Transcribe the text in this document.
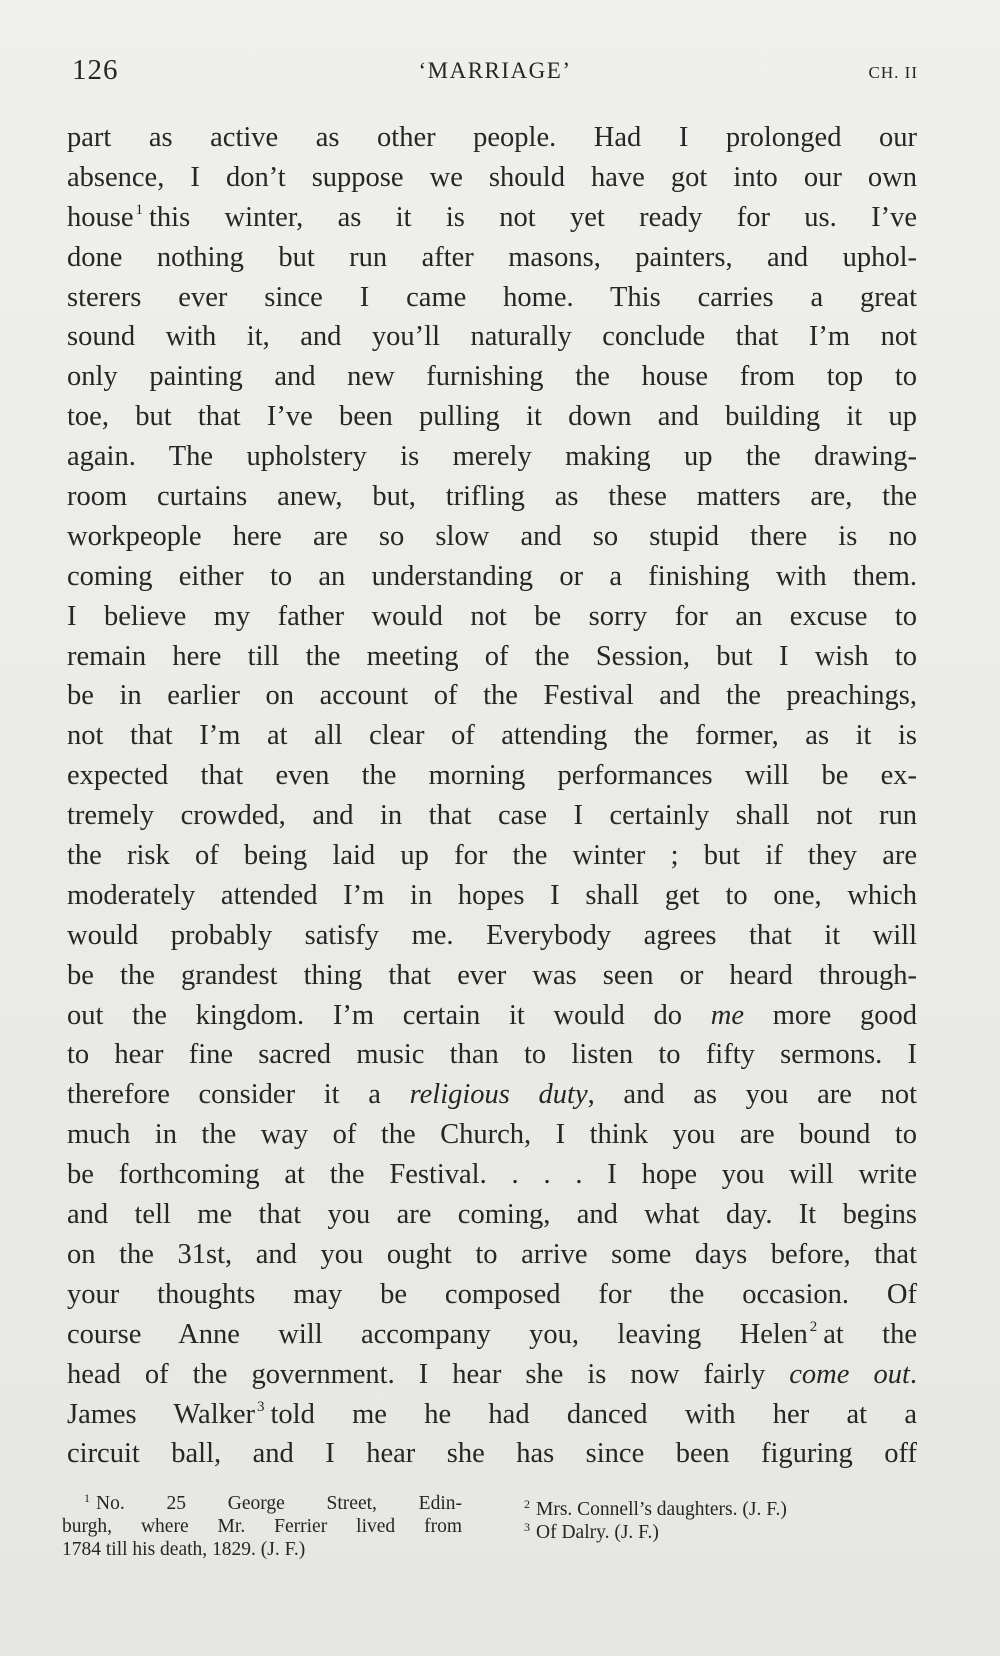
126	‘MARRIAGE’	CH. II
part as active as other people. Had I prolonged our
absence, I don’t suppose we should have got into our own
house $^1$ this winter, as it is not yet ready for us. I’ve
done nothing but run after masons, painters, and uphol-
sterers ever since I came home. This carries a great
sound with it, and you’ll naturally conclude that I’m not
only painting and new furnishing the house from top to
toe, but that I’ve been pulling it down and building it up
again. The upholstery is merely making up the drawing-
room curtains anew, but, trifling as these matters are, the
workpeople here are so slow and so stupid there is no
coming either to an understanding or a finishing with them.
I believe my father would not be sorry for an excuse to
remain here till the meeting of the Session, but I wish to
be in earlier on account of the Festival and the preachings,
not that I’m at all clear of attending the former, as it is
expected that even the morning performances will be ex-
tremely crowded, and in that case I certainly shall not run
the risk of being laid up for the winter ; but if they are
moderately attended I’m in hopes I shall get to one, which
would probably satisfy me. Everybody agrees that it will
be the grandest thing that ever was seen or heard through-
out the kingdom. I’m certain it would do me more good
to hear fine sacred music than to listen to fifty sermons. I
therefore consider it a religious duty, and as you are not
much in the way of the Church, I think you are bound to
be forthcoming at the Festival. . . . I hope you will write
and tell me that you are coming, and what day. It begins
on the 31st, and you ought to arrive some days before, that
your thoughts may be composed for the occasion. Of
course Anne will accompany you, leaving Helen $^2$ at the
head of the government. I hear she is now fairly come out.
James Walker $^3$ told me he had danced with her at a
circuit ball, and I hear she has since been figuring off
$^1$ No. 25 George Street, Edin-
burgh, where Mr. Ferrier lived from
1784 till his death, 1829. (J. F.)
$^2$ Mrs. Connell’s daughters. (J. F.)
$^3$ Of Dalry. (J. F.)
